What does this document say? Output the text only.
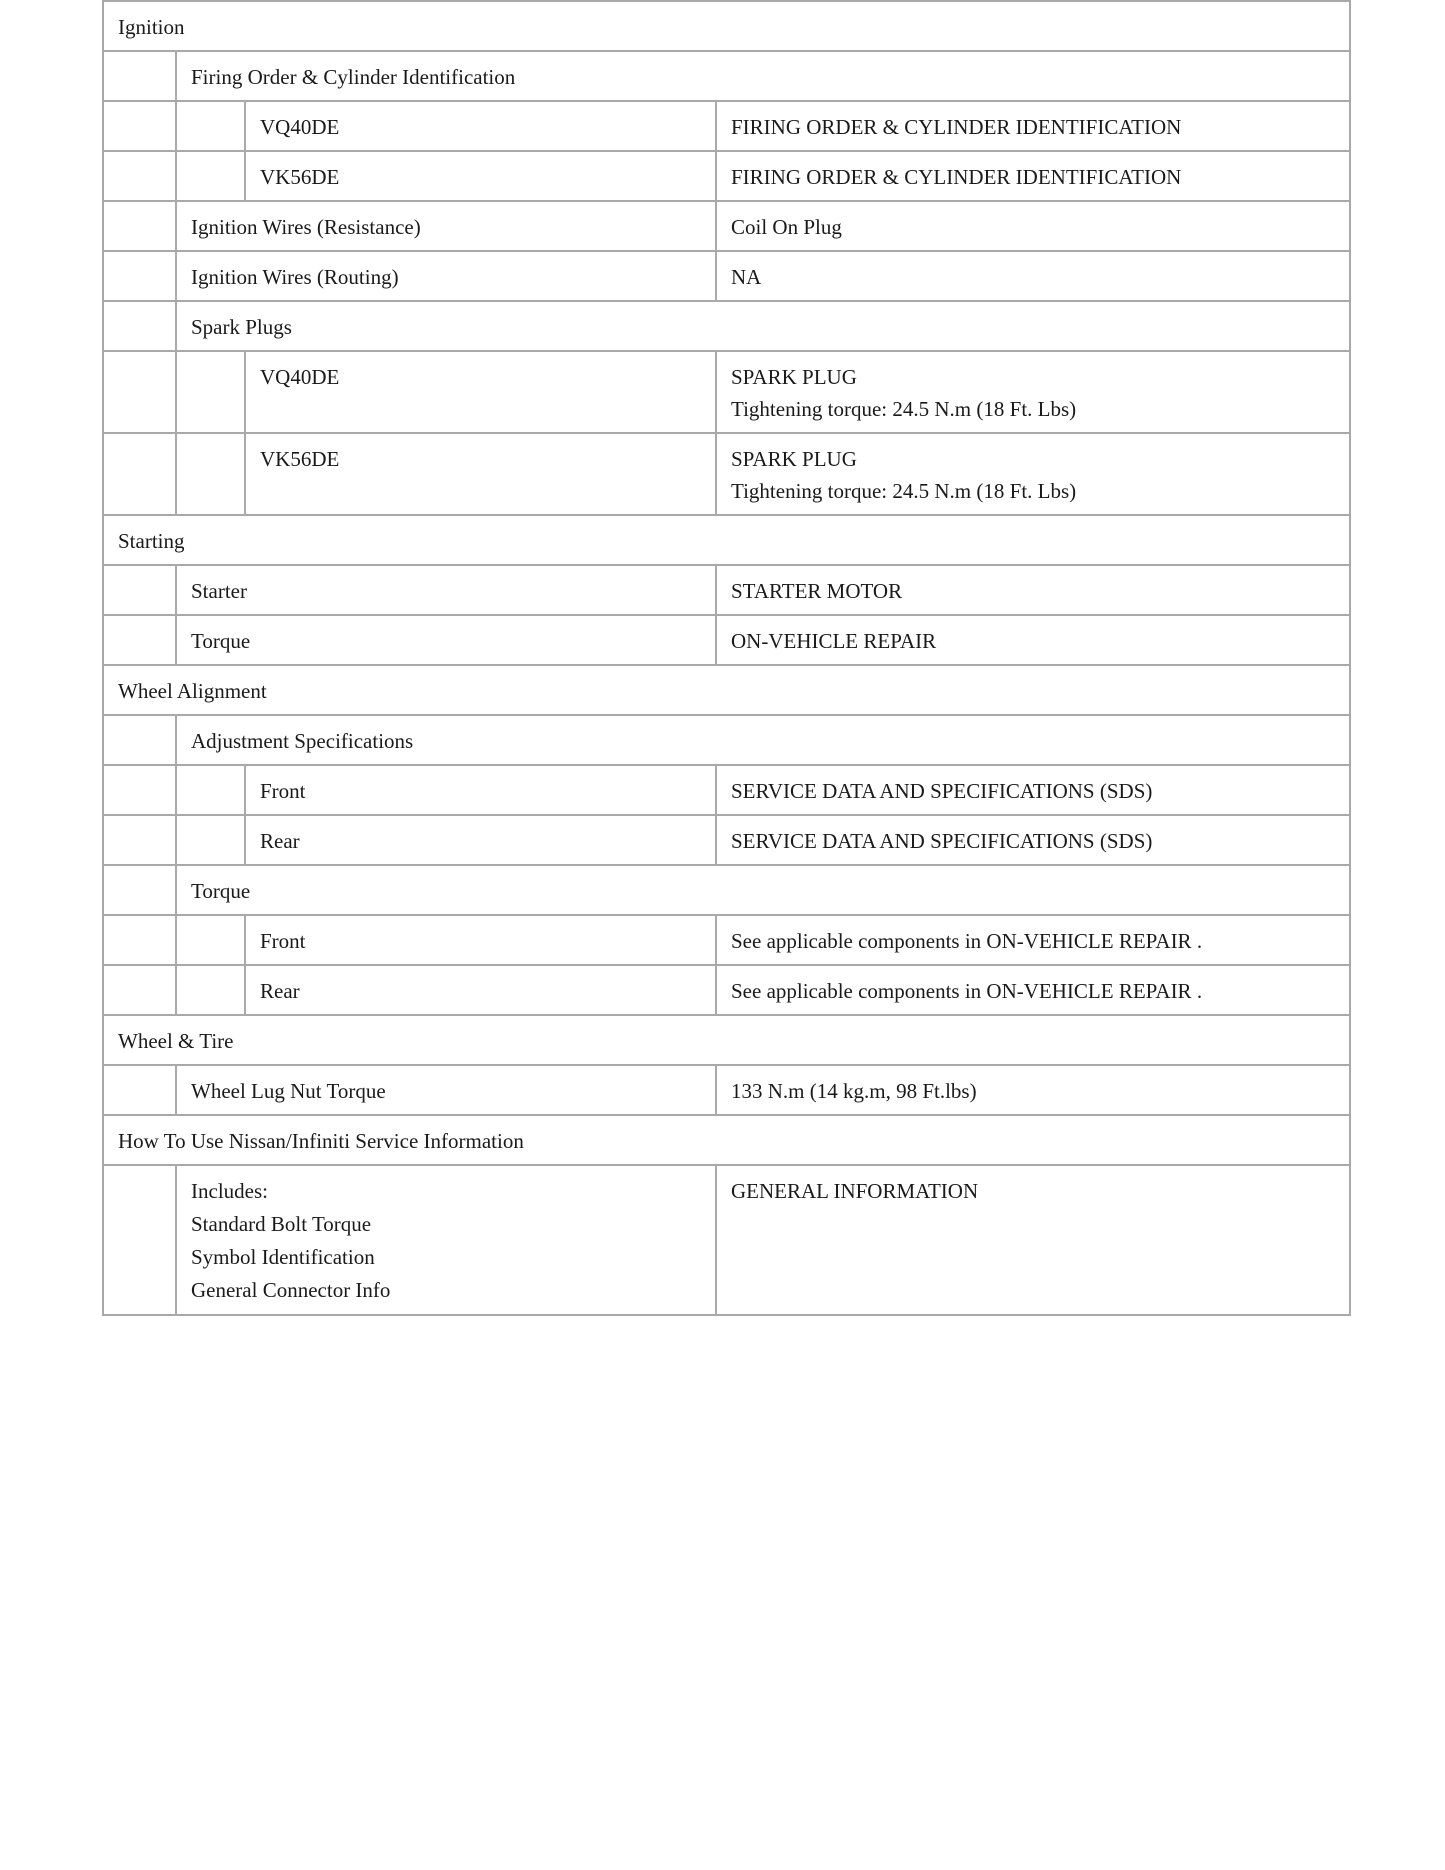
Ignition			
	Firing Order & Cylinder Identification		
		VQ40DE	FIRING ORDER & CYLINDER IDENTIFICATION
		VK56DE	FIRING ORDER & CYLINDER IDENTIFICATION
	Ignition Wires (Resistance)		Coil On Plug
	Ignition Wires (Routing)		NA
	Spark Plugs		
		VQ40DE	SPARK PLUG
Tightening torque: 24.5 N.m (18 Ft. Lbs)

		VK56DE	SPARK PLUG
Tightening torque: 24.5 N.m (18 Ft. Lbs)

Starting			
	Starter		STARTER MOTOR
	Torque		ON-VEHICLE REPAIR
Wheel Alignment			
	Adjustment Specifications		
		Front	SERVICE DATA AND SPECIFICATIONS (SDS)
		Rear	SERVICE DATA AND SPECIFICATIONS (SDS)
	Torque		
		Front	See applicable components in ON-VEHICLE REPAIR .
		Rear	See applicable components in ON-VEHICLE REPAIR .
Wheel & Tire			
	Wheel Lug Nut Torque		133 N.m (14 kg.m, 98 Ft.lbs)
How To Use Nissan/Infiniti Service Information			

	Includes:
Standard Bolt Torque
Symbol Identification
General Connector Info		GENERAL INFORMATION
